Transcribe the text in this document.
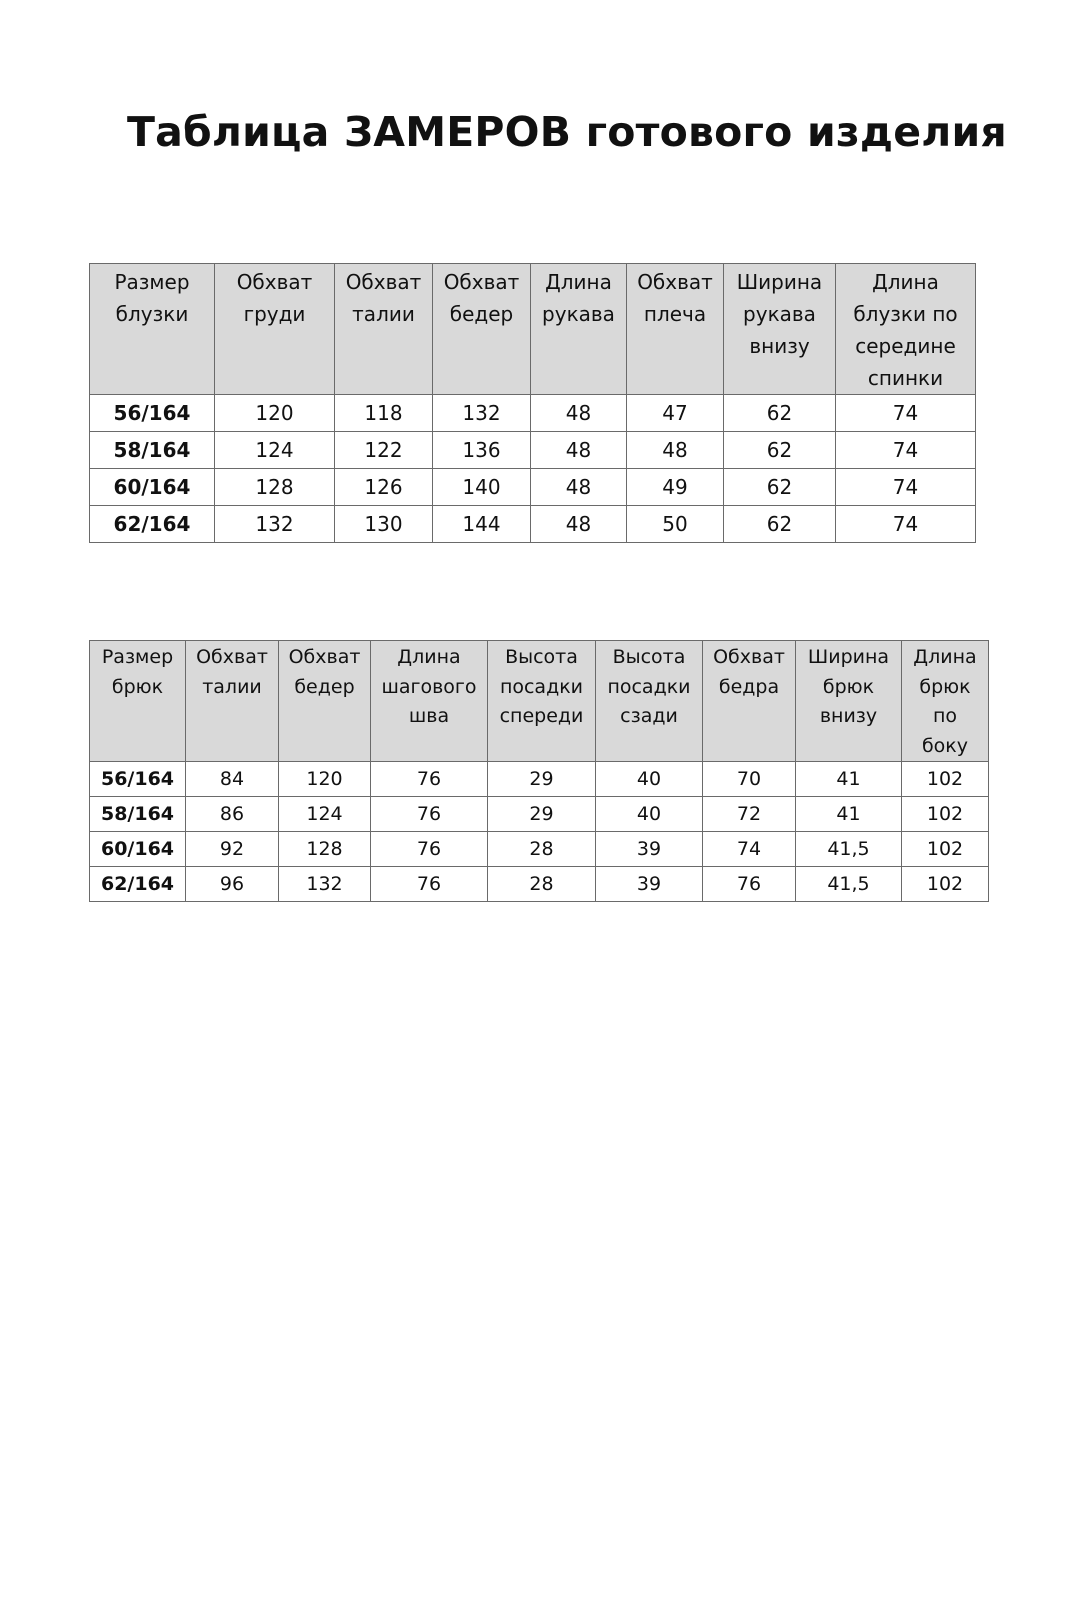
Таблица ЗАМЕРОВ готового изделия
Размер
блузки	Обхват
груди	Обхват
талии	Обхват
бедер	Длина
рукава	Обхват
плеча	Ширина
рукава
внизу	Длина
блузки по
середине
спинки
56/164	120	118	132	48	47	62	74
58/164	124	122	136	48	48	62	74
60/164	128	126	140	48	49	62	74
62/164	132	130	144	48	50	62	74
Размер
брюк	Обхват
талии	Обхват
бедер	Длина
шагового
шва	Высота
посадки
спереди	Высота
посадки
сзади	Обхват
бедра	Ширина
брюк
внизу	Длина
брюк
по
боку
56/164	84	120	76	29	40	70	41	102
58/164	86	124	76	29	40	72	41	102
60/164	92	128	76	28	39	74	41,5	102
62/164	96	132	76	28	39	76	41,5	102
